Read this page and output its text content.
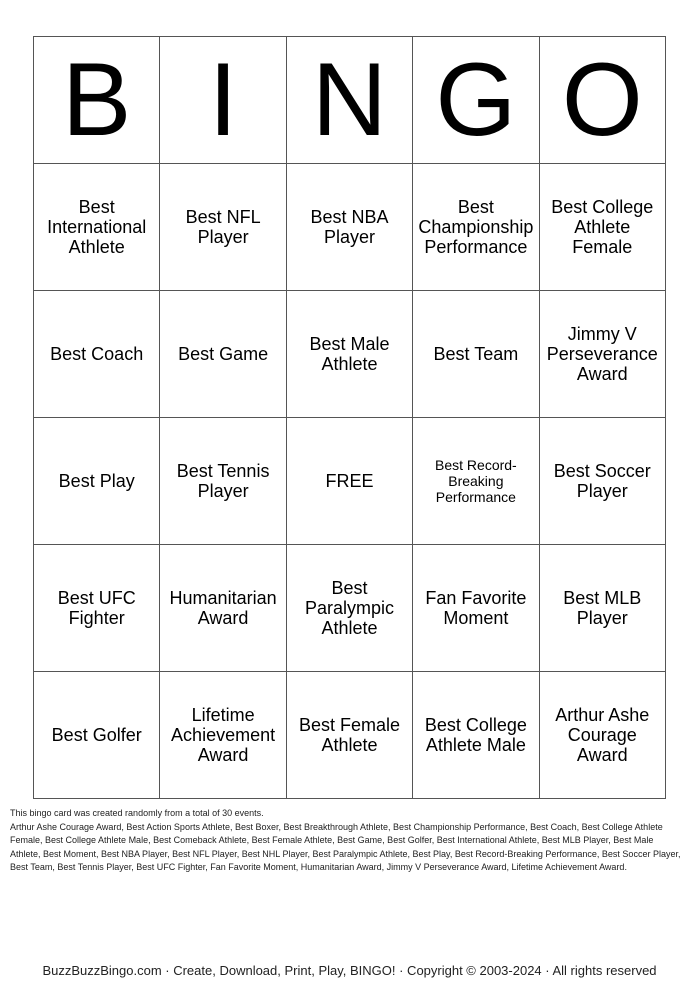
B	I	N	G	O
Best International Athlete	Best NFL Player	Best NBA Player	Best Championship Performance	Best College Athlete Female
Best Coach	Best Game	Best Male Athlete	Best Team	Jimmy V Perseverance Award
Best Play	Best Tennis Player	FREE	Best Record-Breaking Performance	Best Soccer Player
Best UFC Fighter	Humanitarian Award	Best Paralympic Athlete	Fan Favorite Moment	Best MLB Player
Best Golfer	Lifetime Achievement Award	Best Female Athlete	Best College Athlete Male	Arthur Ashe Courage Award

This bingo card was created randomly from a total of 30 events.

Arthur Ashe Courage Award, Best Action Sports Athlete, Best Boxer, Best Breakthrough Athlete, Best Championship Performance, Best Coach, Best College Athlete Female, Best College Athlete Male, Best Comeback Athlete, Best Female Athlete, Best Game, Best Golfer, Best International Athlete, Best MLB Player, Best Male Athlete, Best Moment, Best NBA Player, Best NFL Player, Best NHL Player, Best Paralympic Athlete, Best Play, Best Record-Breaking Performance, Best Soccer Player, Best Team, Best Tennis Player, Best UFC Fighter, Fan Favorite Moment, Humanitarian Award, Jimmy V Perseverance Award, Lifetime Achievement Award.

BuzzBuzzBingo.com · Create, Download, Print, Play, BINGO! · Copyright © 2003-2024 · All rights reserved
